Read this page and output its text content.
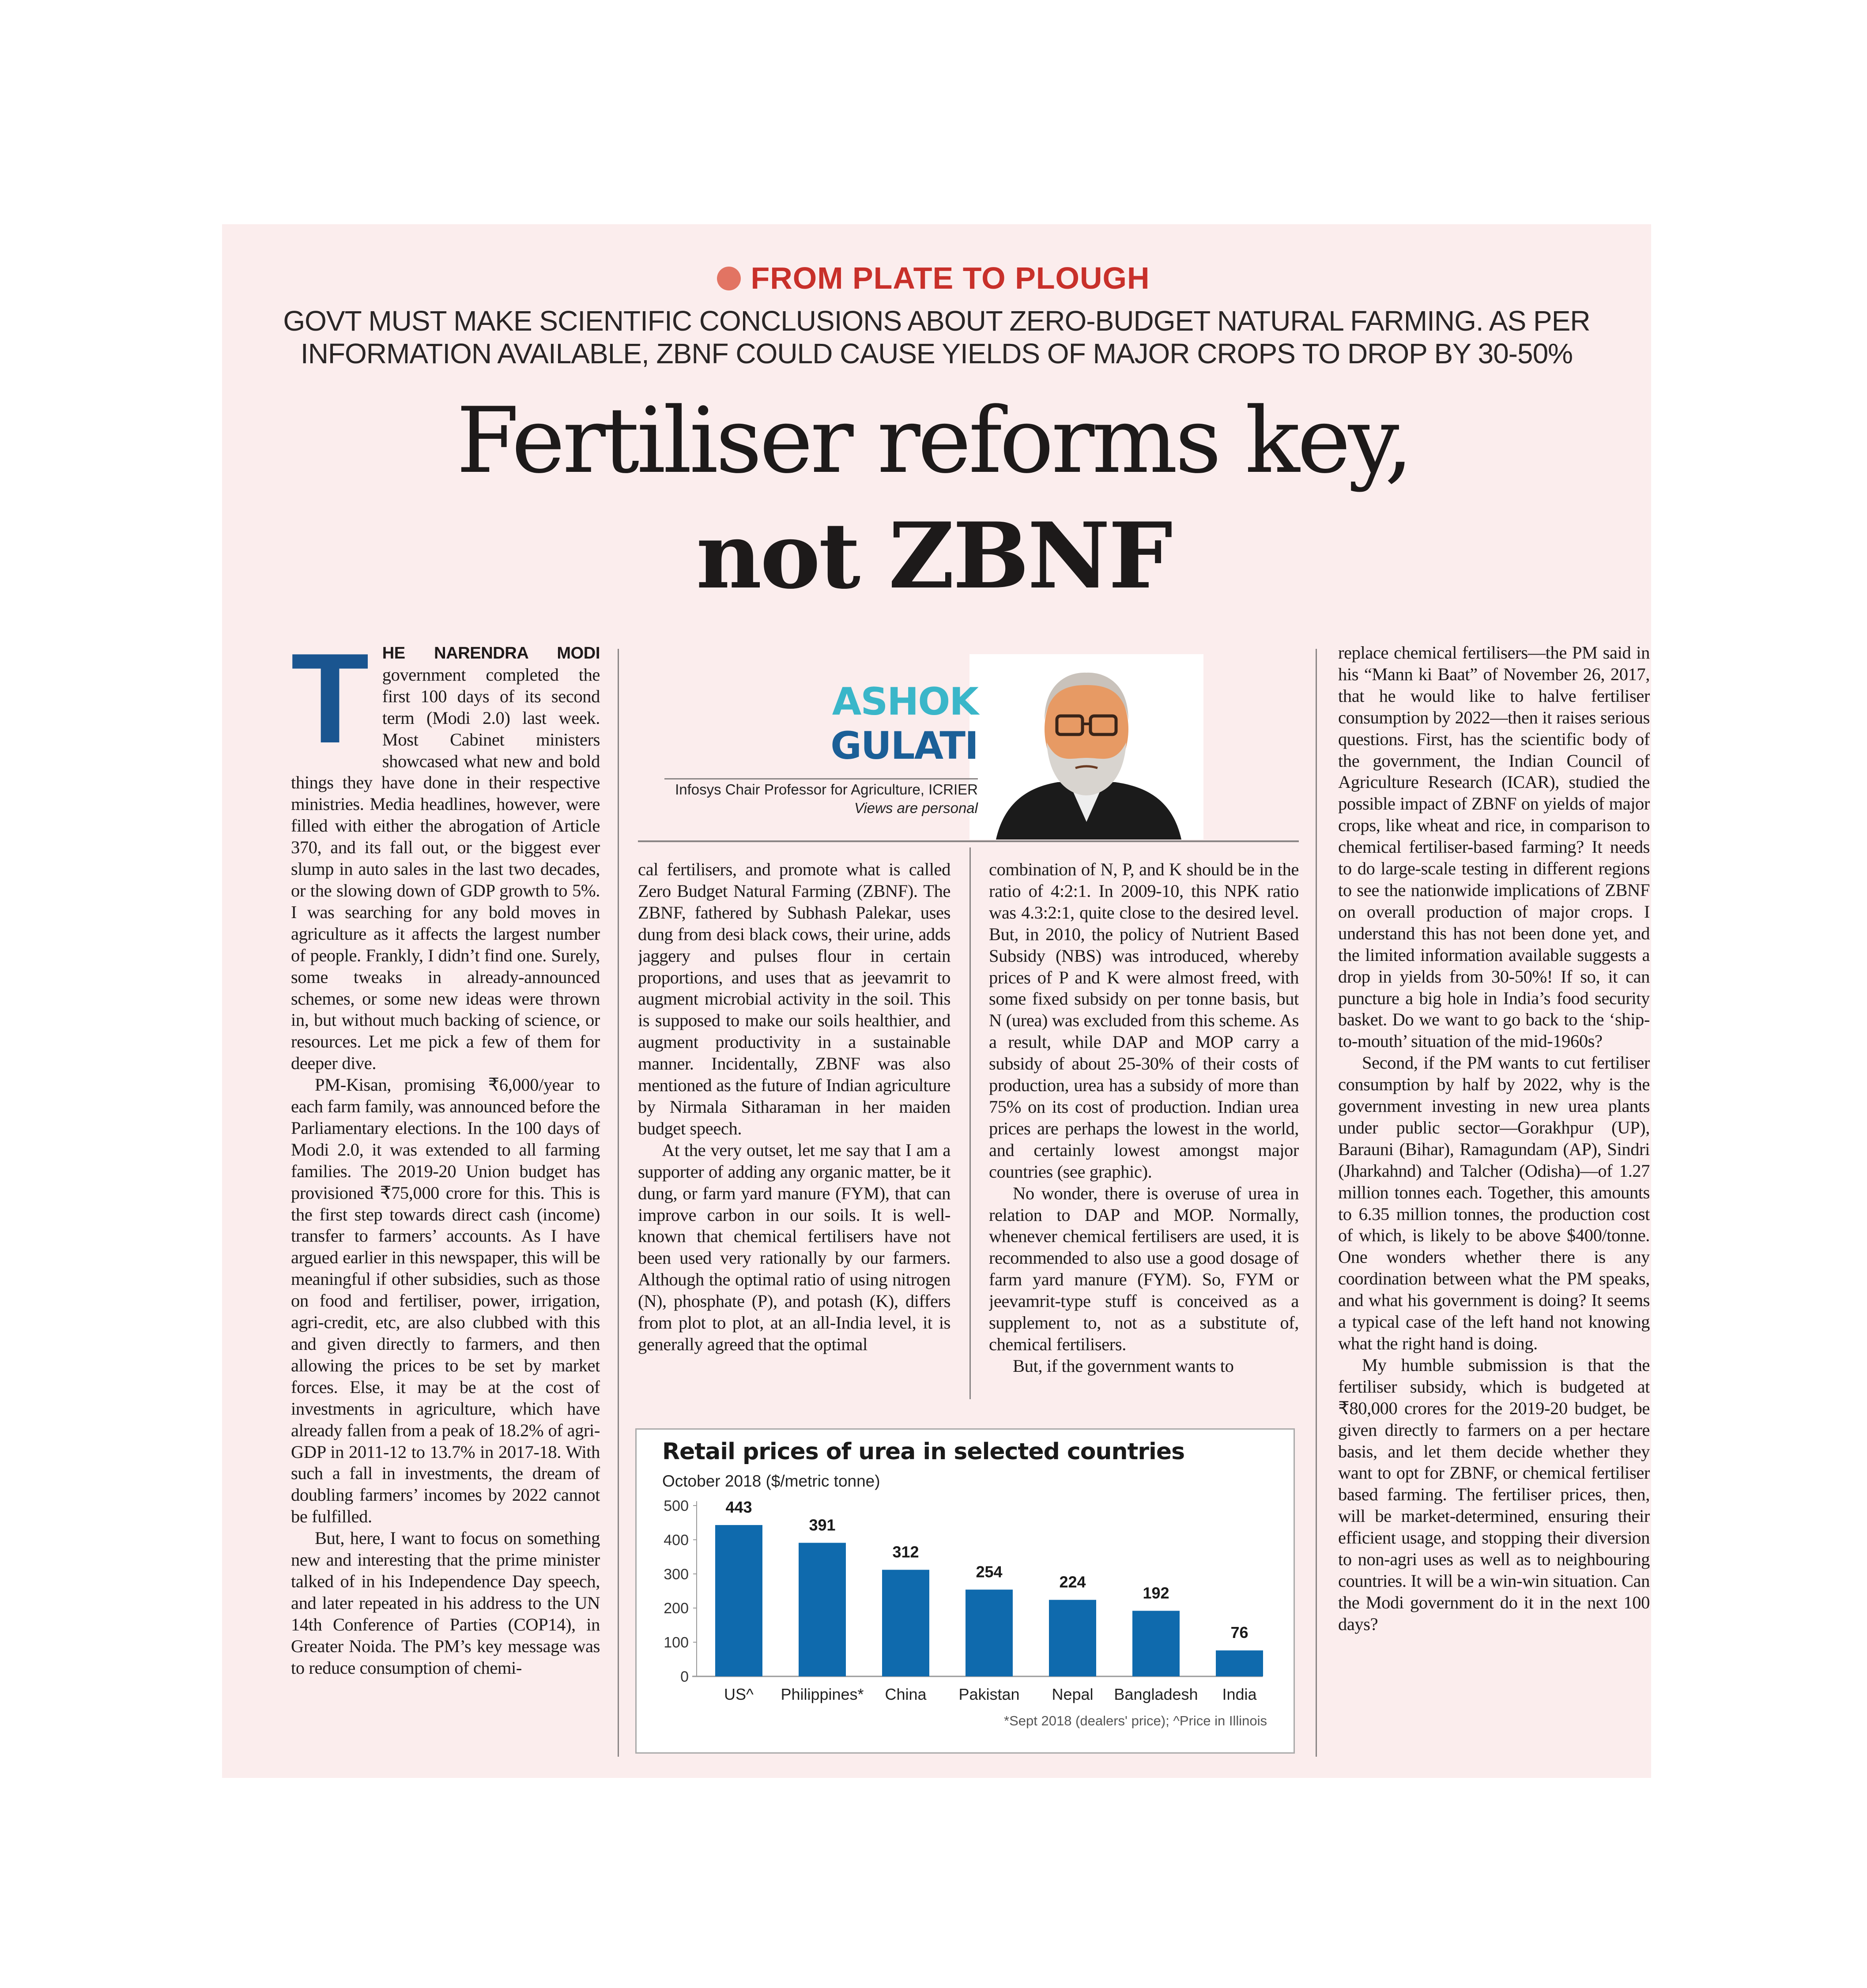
FROM PLATE TO PLOUGH
GOVT MUST MAKE SCIENTIFIC CONCLUSIONS ABOUT ZERO-BUDGET NATURAL FARMING. AS PER
INFORMATION AVAILABLE, ZBNF COULD CAUSE YIELDS OF MAJOR CROPS TO DROP BY 30-50%
Fertiliser reforms key,
not ZBNF
ASHOK
GULATI
Infosys Chair Professor for Agriculture, ICRIER
Views are personal

THE NARENDRA MODI government completed the first 100 days of its second term (Modi 2.0) last week. Most Cabinet ministers showcased what new and bold things they have done in their respective ministries. Media headlines, however, were filled with either the abrogation of Article 370, and its fall out, or the biggest ever slump in auto sales in the last two decades, or the slowing down of GDP growth to 5%. I was searching for any bold moves in agriculture as it affects the largest number of people. Frankly, I didn’t find one. Surely, some tweaks in already-announced schemes, or some new ideas were thrown in, but without much backing of science, or resources. Let me pick a few of them for deeper dive.

PM-Kisan, promising ₹6,000/year to each farm family, was announced before the Parliamentary elections. In the 100 days of Modi 2.0, it was extended to all farming families. The 2019-20 Union budget has provisioned ₹75,000 crore for this. This is the first step towards direct cash (income) transfer to farmers’ accounts. As I have argued earlier in this newspaper, this will be meaningful if other subsidies, such as those on food and fertiliser, power, irrigation, agri-credit, etc, are also clubbed with this and given directly to farmers, and then allowing the prices to be set by market forces. Else, it may be at the cost of investments in agriculture, which have already fallen from a peak of 18.2% of agri-GDP in 2011-12 to 13.7% in 2017-18. With such a fall in investments, the dream of doubling farmers’ incomes by 2022 cannot be fulfilled.

But, here, I want to focus on something new and interesting that the prime minister talked of in his Independence Day speech, and later repeated in his address to the UN 14th Conference of Parties (COP14), in Greater Noida. The PM’s key message was to reduce consumption of chemi-

cal fertilisers, and promote what is called Zero Budget Natural Farming (ZBNF). The ZBNF, fathered by Subhash Palekar, uses dung from desi black cows, their urine, adds jaggery and pulses flour in certain proportions, and uses that as jeevamrit to augment microbial activity in the soil. This is supposed to make our soils healthier, and augment productivity in a sustainable manner. Incidentally, ZBNF was also mentioned as the future of Indian agriculture by Nirmala Sitharaman in her maiden budget speech.

At the very outset, let me say that I am a supporter of adding any organic matter, be it dung, or farm yard manure (FYM), that can improve carbon in our soils. It is well-known that chemical fertilisers have not been used very rationally by our farmers. Although the optimal ratio of using nitrogen (N), phosphate (P), and potash (K), differs from plot to plot, at an all-India level, it is generally agreed that the optimal

combination of N, P, and K should be in the ratio of 4:2:1. In 2009-10, this NPK ratio was 4.3:2:1, quite close to the desired level. But, in 2010, the policy of Nutrient Based Subsidy (NBS) was introduced, whereby prices of P and K were almost freed, with some fixed subsidy on per tonne basis, but N (urea) was excluded from this scheme. As a result, while DAP and MOP carry a subsidy of about 25-30% of their costs of production, urea has a subsidy of more than 75% on its cost of production. Indian urea prices are perhaps the lowest in the world, and certainly lowest amongst major countries (see graphic).

No wonder, there is overuse of urea in relation to DAP and MOP. Normally, whenever chemical fertilisers are used, it is recommended to also use a good dosage of farm yard manure (FYM). So, FYM or jeevamrit-type stuff is conceived as a supplement to, not as a substitute of, chemical fertilisers.

But, if the government wants to

replace chemical fertilisers—the PM said in his “Mann ki Baat” of November 26, 2017, that he would like to halve fertiliser consumption by 2022—then it raises serious questions. First, has the scientific body of the government, the Indian Council of Agriculture Research (ICAR), studied the possible impact of ZBNF on yields of major crops, like wheat and rice, in comparison to chemical fertiliser-based farming? It needs to do large-scale testing in different regions to see the nationwide implications of ZBNF on overall production of major crops. I understand this has not been done yet, and the limited information available suggests a drop in yields from 30-50%! If so, it can puncture a big hole in India’s food security basket. Do we want to go back to the ‘ship-to-mouth’ situation of the mid-1960s?

Second, if the PM wants to cut fertiliser consumption by half by 2022, why is the government investing in new urea plants under public sector—Gorakhpur (UP), Barauni (Bihar), Ramagundam (AP), Sindri (Jharkahnd) and Talcher (Odisha)—of 1.27 million tonnes each. Together, this amounts to 6.35 million tonnes, the production cost of which, is likely to be above $400/tonne. One wonders whether there is any coordination between what the PM speaks, and what his government is doing? It seems a typical case of the left hand not knowing what the right hand is doing.

My humble submission is that the fertiliser subsidy, which is budgeted at ₹80,000 crores for the 2019-20 budget, be given directly to farmers on a per hectare basis, and let them decide whether they want to opt for ZBNF, or chemical fertiliser based farming. The fertiliser prices, then, will be market-determined, ensuring their efficient usage, and stopping their diversion to non-agri uses as well as to neighbouring countries. It will be a win-win situation. Can the Modi government do it in the next 100 days?

Retail prices of urea in selected countries
October 2018 ($/metric tonne)
0
100
200
300
400
500 443
US^
391
Philippines*
312
China
254
Pakistan
224
Nepal
192
Bangladesh
76
India
*Sept 2018 (dealers' price); ^Price in Illinois
